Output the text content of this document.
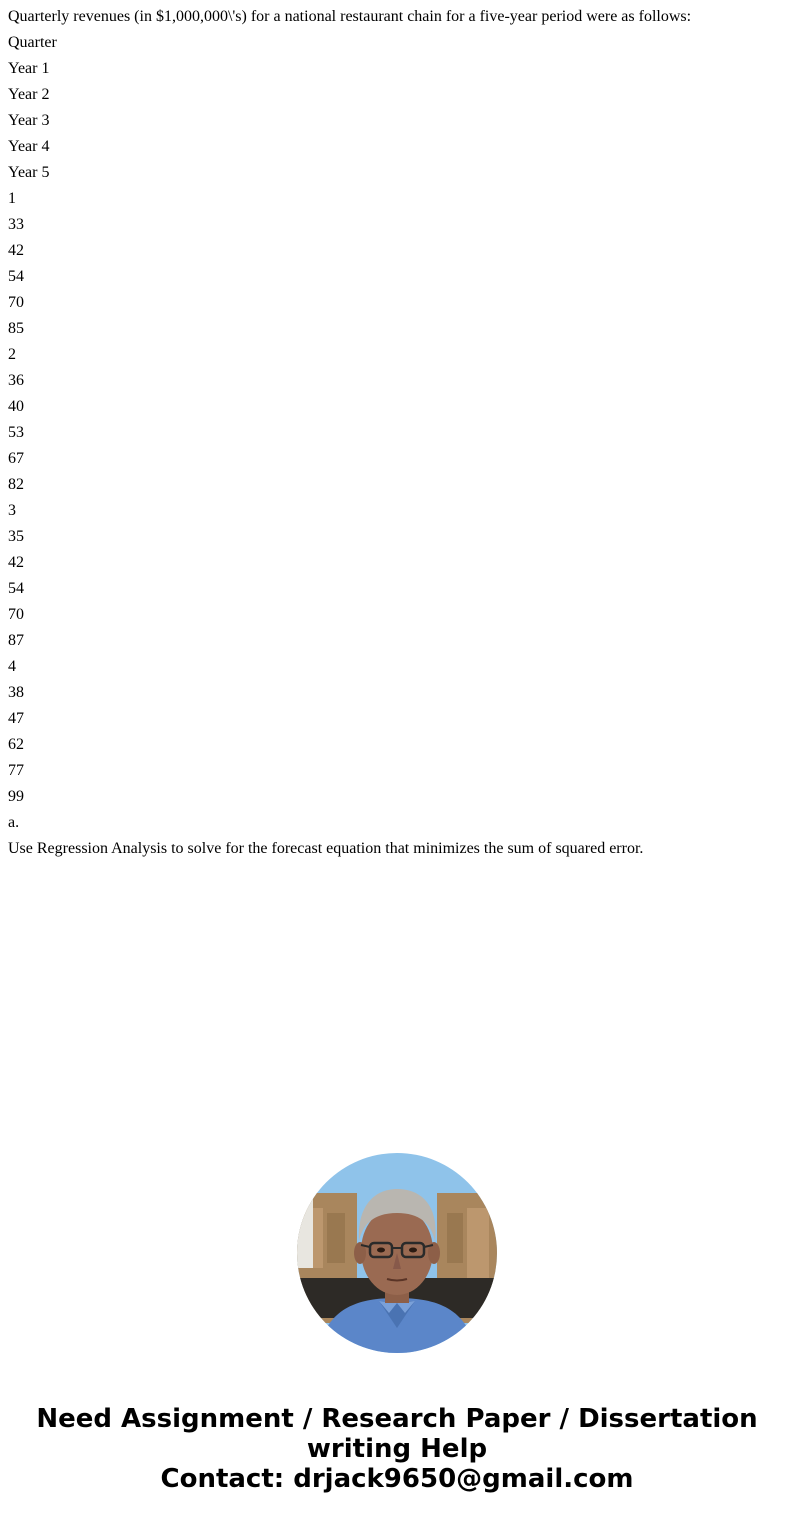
Quarterly revenues (in $1,000,000\'s) for a national restaurant chain for a five-year period were as follows:

Quarter

Year 1

Year 2

Year 3

Year 4

Year 5

1

33

42

54

70

85

2

36

40

53

67

82

3

35

42

54

70

87

4

38

47

62

77

99

a.

Use Regression Analysis to solve for the forecast equation that minimizes the sum of squared error.

Need Assignment / Research Paper / Dissertation
writing Help
Contact: drjack9650@gmail.com
